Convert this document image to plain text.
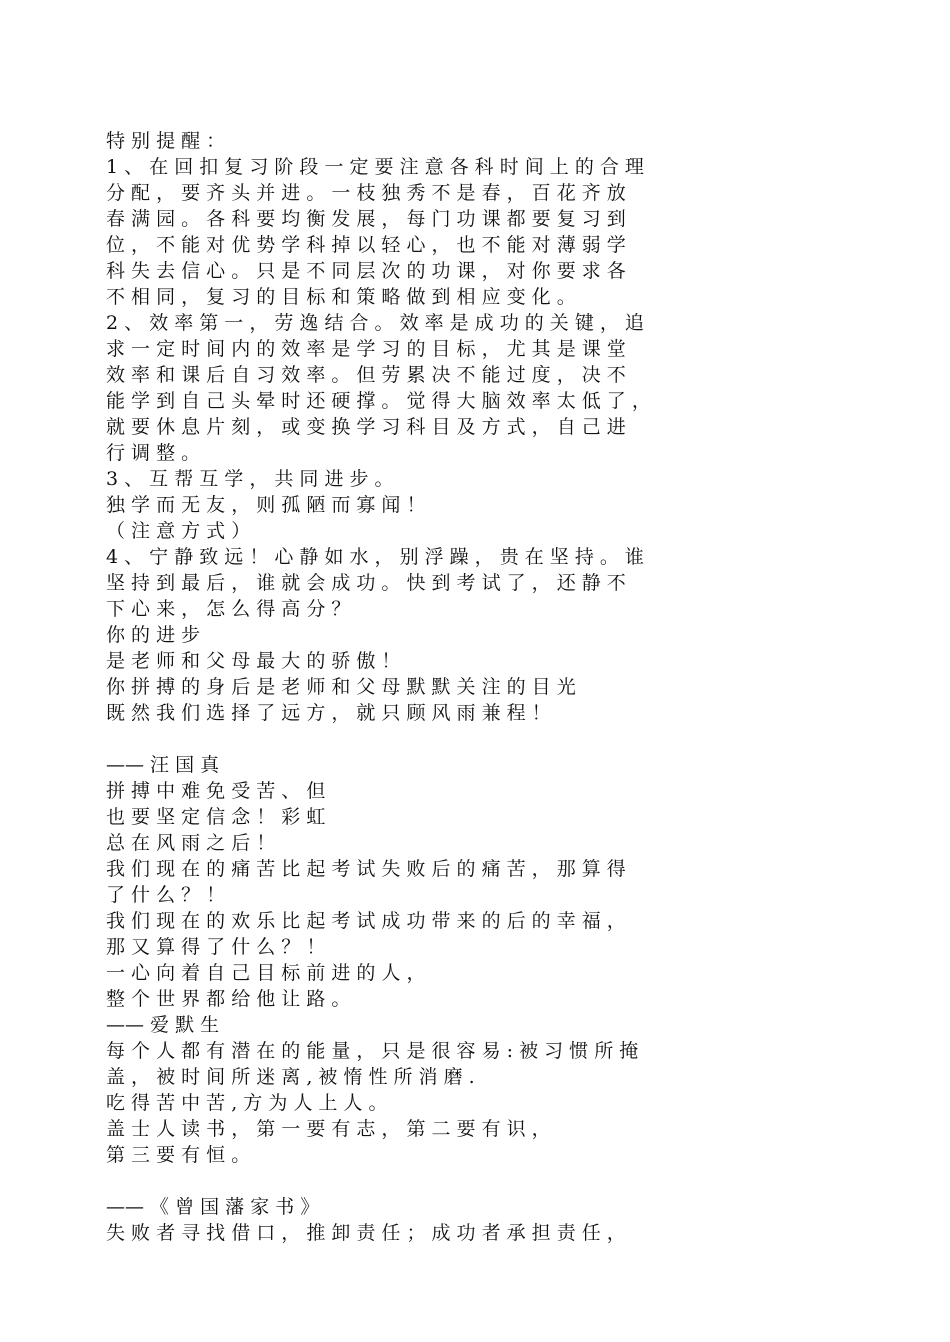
特 别 提 醒 ：
1 、 在 回 扣 复 习 阶 段 一 定 要 注 意 各 科 时 间 上 的 合 理
分 配 ， 要 齐 头 并 进 。 一 枝 独 秀 不 是 春 ， 百 花 齐 放
春 满 园 。 各 科 要 均 衡 发 展 ， 每 门 功 课 都 要 复 习 到
位 ， 不 能 对 优 势 学 科 掉 以 轻 心 ， 也 不 能 对 薄 弱 学
科 失 去 信 心 。 只 是 不 同 层 次 的 功 课 ， 对 你 要 求 各
不 相 同 ， 复 习 的 目 标 和 策 略 做 到 相 应 变 化 。
2 、 效 率 第 一 ， 劳 逸 结 合 。 效 率 是 成 功 的 关 键 ， 追
求 一 定 时 间 内 的 效 率 是 学 习 的 目 标 ， 尤 其 是 课 堂
效 率 和 课 后 自 习 效 率 。 但 劳 累 决 不 能 过 度 ， 决 不
能 学 到 自 己 头 晕 时 还 硬 撑 。 觉 得 大 脑 效 率 太 低 了 ，
就 要 休 息 片 刻 ， 或 变 换 学 习 科 目 及 方 式 ， 自 己 进
行 调 整 。
3 、 互 帮 互 学 ， 共 同 进 步 。
独 学 而 无 友 ， 则 孤 陋 而 寡 闻 ！
（ 注 意 方 式 ）
4 、 宁 静 致 远 ！ 心 静 如 水 ， 别 浮 躁 ， 贵 在 坚 持 。 谁
坚 持 到 最 后 ， 谁 就 会 成 功 。 快 到 考 试 了 ， 还 静 不
下 心 来 ， 怎 么 得 高 分 ？
你 的 进 步
是 老 师 和 父 母 最 大 的 骄 傲 ！
你 拼 搏 的 身 后 是 老 师 和 父 母 默 默 关 注 的 目 光
既 然 我 们 选 择 了 远 方 ， 就 只 顾 风 雨 兼 程 ！
—— 汪 国 真
拼 搏 中 难 免 受 苦 、 但
也 要 坚 定 信 念 ！ 彩 虹
总 在 风 雨 之 后 ！
我 们 现 在 的 痛 苦 比 起 考 试 失 败 后 的 痛 苦 ， 那 算 得
了 什 么 ？ ！
我 们 现 在 的 欢 乐 比 起 考 试 成 功 带 来 的 后 的 幸 福 ，
那 又 算 得 了 什 么 ？ ！
一 心 向 着 自 己 目 标 前 进 的 人 ，
整 个 世 界 都 给 他 让 路 。
—— 爱 默 生
每 个 人 都 有 潜 在 的 能 量 ， 只 是 很 容 易 : 被 习 惯 所 掩
盖 ， 被 时 间 所 迷 离 , 被 惰 性 所 消 磨 .
吃 得 苦 中 苦 , 方 为 人 上 人 。
盖 士 人 读 书 ， 第 一 要 有 志 ， 第 二 要 有 识 ，
第 三 要 有 恒 。
—— 《 曾 国 藩 家 书 》
失 败 者 寻 找 借 口 ， 推 卸 责 任 ； 成 功 者 承 担 责 任 ，
